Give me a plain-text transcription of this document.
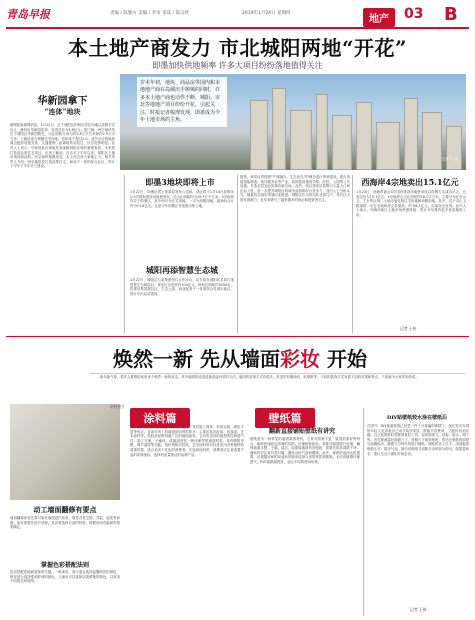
青岛早报	责编 / 陈雅方 美编 / 李争 审读 / 陈宗欣	2019年1月24日 星期四
地产	03 B
本土地产商发力 市北城阳两地“开花”
即墨加快供地频率 许多大项目纷纷落地值得关注
记者 王 摄
岁末年初，地块、商品房等国内和本地地产商在岛城出手频频的同时，许多本土地产商也动作不断，城阳、市北等地地产项目纷纷开花，引起关注，时报记者梳理发现，即墨成为今年土地市场的主角。
华新园拿下
“连体”地块
据城阳新闻网消息，1月22日，位于城阳区的两宗居住用地以挂牌方式出让，最终由华新园竞得，竞得总价为5.8亿元。据了解，两宗地块均位于城阳区华新园附近，出让面积分别为约3.8万平方米和约2.9万平方米，土地用途为城镇住宅用地，容积率不超过2.0。此次出让的地块周边配套设施完善，交通便利，距离地铁站较近，区位优势明显。业内人士表示，华新园此次拿地是其深耕城阳区域的重要布局，未来将打造高品质住宅项目。记者了解到，自去年下半年以来，城阳区土地市场持续活跃，多宗地块相继成交，本土房企成为拿地主力。相关负责人介绍，两宗地块将打造成集住宅、商业于一体的综合社区，预计于今年下半年开工建设。
即墨3地块即将上市
1月22日，即墨区国土资源局发布公告称，该区将于2月14日挂牌出让3宗国有建设用地使用权，总出让面积约为19.5万平方米。3宗地块均位于即墨区，其中两宗为住宅用地，一宗为商服用地，起始价合计约为13.6亿元。这是今年即墨区首批推出的土地。
城阳再添智慧生态城
1月22日，城阳区与某集团签订合作协议，双方将在城阳区共同打造智慧生态城项目。该项目总投资约100亿元，规划总面积约3000亩，将建设集智慧社区、生态公园、商业配套于一体的综合性城市新区，预计年内启动建设。
据悉，该项目将按照“产城融合、生态优先”的理念进行规划建设，重点发展智能制造、现代服务业等产业，同时配套建设学校、医院、公园等公共设施，打造宜居宜业的城市新空间。此外，项目建成后将吸引大量人口和企业入驻，进一步提升城阳区的城市品质和综合竞争力。业内人士分析认为，随着青岛城市发展向北推进，城阳区作为青岛的北部门户，具有巨大的发展潜力，近年来吸引了越来越多的房企和投资者关注。
西海岸4宗地卖出15.1亿元
1月23日，西海岸新区4宗国有建设用地使用权以挂牌方式成功出让，总成交价为15.1亿元。4宗地块总出让面积约18万平方米，主要分布在灵山卫、王台等区域，土地用途包括住宅用地和商服用地。其中，位于灵山卫街道的一宗住宅地块成交价最高，约为6.2亿元，由某房企竞得。业内人士表示，西海岸新区土地市场热度持续，预计今年将有更多优质地块入市。
记者 王伟
焕然一新 先从墙面彩妆 开始
新年新气象，很多人都想给家里来个焕然一新的改变，其中墙面的改造是最直接有效的方法。墙面的装饰方式有很多，常见的有刷涂料、贴壁纸等，不同的装饰方式有着不同的效果和特点，下面就为大家详细介绍。
资料图片
动工墙面翻修有要点
墙面翻修前首先要对原有墙面进行检查，看是否有空鼓、开裂、起皮等问题，如有需要先进行处理。其次要选择合适的材料，根据房间功能和风格来确定。
掌握色彩搭配法则
色彩搭配是墙面装饰的关键，一般来说，客厅适合选择温馨明亮的颜色，卧室适合选择柔和舒适的颜色，儿童房可以选择活泼鲜艳的颜色，以营造不同的空间氛围。
涂料篇
墙面涂料是最常见的墙面装饰材料之一，具有施工简单、价格实惠、颜色丰富等优点。目前市场上的墙面涂料种类繁多，主要包括乳胶漆、硅藻泥、艺术涂料等。乳胶漆是使用最广泛的墙面涂料，它具有良好的耐擦洗性和透气性，施工方便，干燥快。硅藻泥则是一种环保型的墙面材料，具有吸附甲醛、调节湿度等功能，但价格相对较高。艺术涂料则可以营造出各种独特的装饰效果，适合追求个性化的消费者。在选择涂料时，消费者应注意查看产品的环保指标，选择有质量保证的品牌产品。
壁纸篇
翻新直接铺贴壁纸有讲究
壁纸是另一种常见的墙面装饰材料，它具有图案丰富、装饰效果好等特点，能够快速改变房间的氛围。在铺贴壁纸前，需要对墙面进行处理，确保墙面平整、干燥、清洁。如果原墙面有旧壁纸，需要先将其清除干净。铺贴时应注意对花对缝，避免出现气泡和褶皱。此外，壁纸的选择也很重要，应根据房间的用途和风格来选择合适的材质和图案。无纺布壁纸环保透气，PVC壁纸耐擦洗，适合不同的使用场景。
DIY贴壁纸较水涂在壁纸后
在国外，DIY墙面装饰已经是一件十分普遍的事情了。现在很多岛城的年轻人也喜欢自己动手装扮家居，既能节省费用，又能体验到乐趣。自己贴壁纸时需要准备好工具，包括壁纸刀、刮板、胶水、刷子等。首先要测量好墙面尺寸，按照尺寸裁剪壁纸，然后在壁纸背面均匀涂刷胶水，静置几分钟后再进行铺贴。铺贴时从上往下，用刮板将壁纸压平，排出气泡。最后用壁纸刀切除多余的部分即可。如果是新手，建议先从小面积开始尝试。
记者 王伟
